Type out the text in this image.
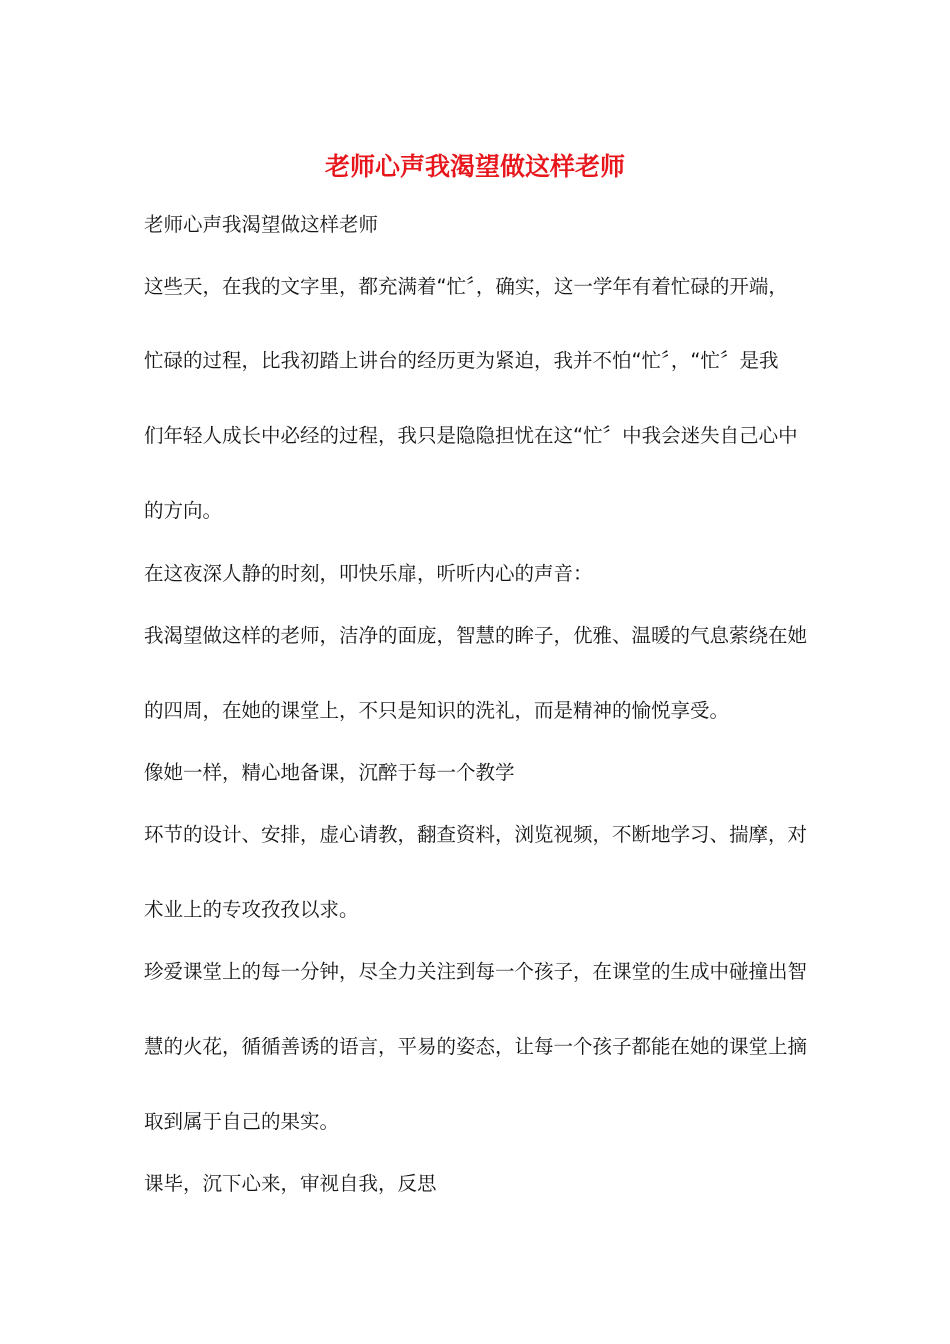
老师心声我渴望做这样老师
老师心声我渴望做这样老师
这些天，在我的文字里，都充满着“忙〞，确实，这一学年有着忙碌的开端，
忙碌的过程，比我初踏上讲台的经历更为紧迫，我并不怕“忙〞，“忙〞是我
们年轻人成长中必经的过程，我只是隐隐担忧在这“忙〞中我会迷失自己心中
的方向。
在这夜深人静的时刻，叩快乐扉，听听内心的声音：
我渴望做这样的老师，洁净的面庞，智慧的眸子，优雅、温暖的气息萦绕在她
的四周，在她的课堂上，不只是知识的洗礼，而是精神的愉悦享受。
像她一样，精心地备课，沉醉于每一个教学
环节的设计、安排，虚心请教，翻查资料，浏览视频，不断地学习、揣摩，对
术业上的专攻孜孜以求。
珍爱课堂上的每一分钟，尽全力关注到每一个孩子，在课堂的生成中碰撞出智
慧的火花，循循善诱的语言，平易的姿态，让每一个孩子都能在她的课堂上摘
取到属于自己的果实。
课毕，沉下心来，审视自我，反思
